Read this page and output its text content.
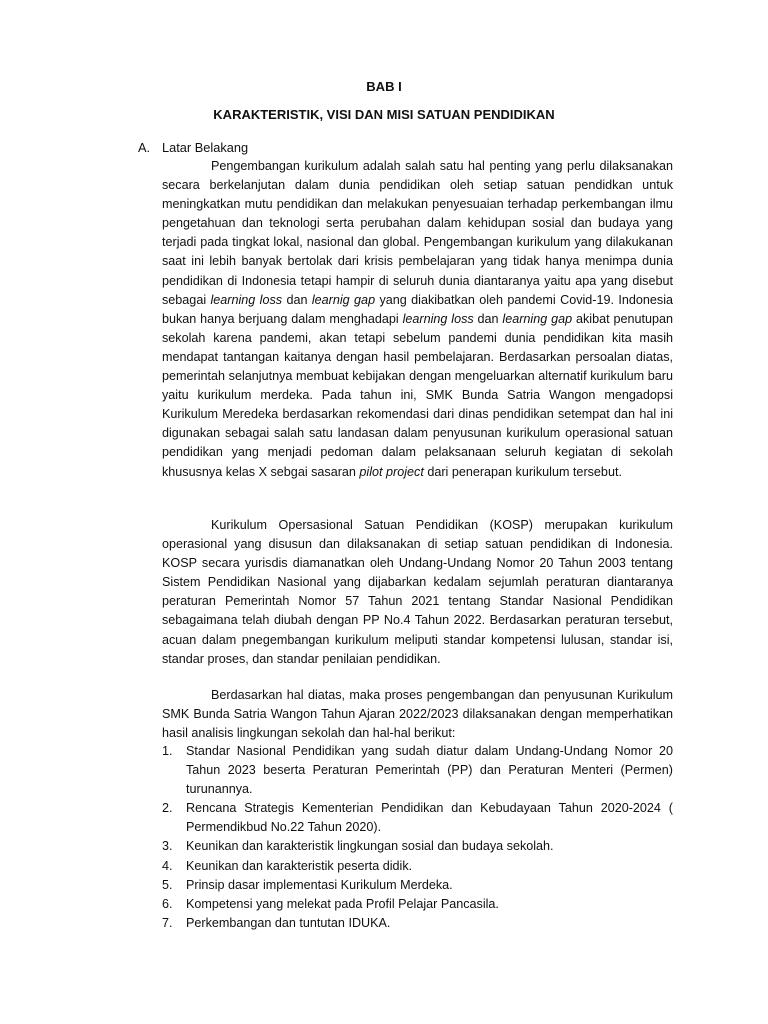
BAB I
KARAKTERISTIK, VISI DAN MISI SATUAN PENDIDIKAN
A. Latar Belakang

Pengembangan kurikulum adalah salah satu hal penting yang perlu dilaksanakan secara berkelanjutan dalam dunia pendidikan oleh setiap satuan pendidkan untuk meningkatkan mutu pendidikan dan melakukan penyesuaian terhadap perkembangan ilmu pengetahuan dan teknologi serta perubahan dalam kehidupan sosial dan budaya yang terjadi pada tingkat lokal, nasional dan global. Pengembangan kurikulum yang dilakukanan saat ini lebih banyak bertolak dari krisis pembelajaran yang tidak hanya menimpa dunia pendidikan di Indonesia tetapi hampir di seluruh dunia diantaranya yaitu apa yang disebut sebagai learning loss dan learnig gap yang diakibatkan oleh pandemi Covid-19. Indonesia bukan hanya berjuang dalam menghadapi learning loss dan learning gap akibat penutupan sekolah karena pandemi, akan tetapi sebelum pandemi dunia pendidikan kita masih mendapat tantangan kaitanya dengan hasil pembelajaran. Berdasarkan persoalan diatas, pemerintah selanjutnya membuat kebijakan dengan mengeluarkan alternatif kurikulum baru yaitu kurikulum merdeka. Pada tahun ini, SMK Bunda Satria Wangon mengadopsi Kurikulum Meredeka berdasarkan rekomendasi dari dinas pendidikan setempat dan hal ini digunakan sebagai salah satu landasan dalam penyusunan kurikulum operasional satuan pendidikan yang menjadi pedoman dalam pelaksanaan seluruh kegiatan di sekolah khususnya kelas X sebgai sasaran pilot project dari penerapan kurikulum tersebut.

Kurikulum Opersasional Satuan Pendidikan (KOSP) merupakan kurikulum operasional yang disusun dan dilaksanakan di setiap satuan pendidikan di Indonesia. KOSP secara yurisdis diamanatkan oleh Undang-Undang Nomor 20 Tahun 2003 tentang Sistem Pendidikan Nasional yang dijabarkan kedalam sejumlah peraturan diantaranya peraturan Pemerintah Nomor 57 Tahun 2021 tentang Standar Nasional Pendidikan sebagaimana telah diubah dengan PP No.4 Tahun 2022. Berdasarkan peraturan tersebut, acuan dalam pnegembangan kurikulum meliputi standar kompetensi lulusan, standar isi, standar proses, dan standar penilaian pendidikan.

Berdasarkan hal diatas, maka proses pengembangan dan penyusunan Kurikulum SMK Bunda Satria Wangon Tahun Ajaran 2022/2023 dilaksanakan dengan memperhatikan hasil analisis lingkungan sekolah dan hal-hal berikut:

1. Standar Nasional Pendidikan yang sudah diatur dalam Undang-Undang Nomor 20 Tahun 2023 beserta Peraturan Pemerintah (PP) dan Peraturan Menteri (Permen) turunannya.
2. Rencana Strategis Kementerian Pendidikan dan Kebudayaan Tahun 2020-2024 ( Permendikbud No.22 Tahun 2020).
3. Keunikan dan karakteristik lingkungan sosial dan budaya sekolah.
4. Keunikan dan karakteristik peserta didik.
5. Prinsip dasar implementasi Kurikulum Merdeka.
6. Kompetensi yang melekat pada Profil Pelajar Pancasila.
7. Perkembangan dan tuntutan IDUKA.
